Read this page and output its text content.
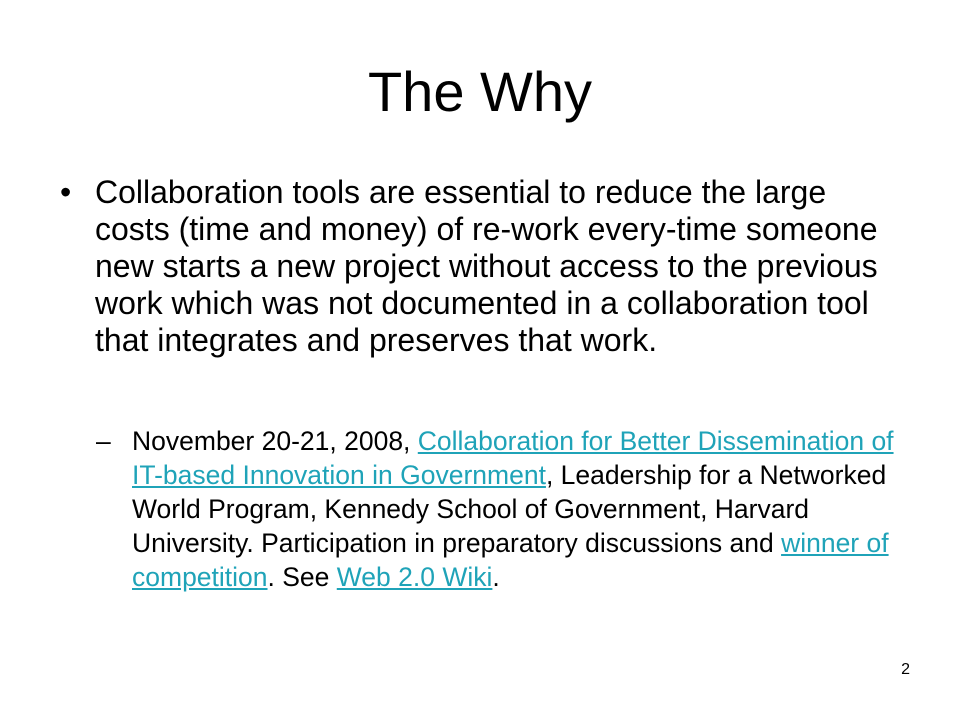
The Why
• Collaboration tools are essential to reduce the large costs (time and money) of re-work every-time someone new starts a new project without access to the previous work which was not documented in a collaboration tool that integrates and preserves that work.
– November 20-21, 2008, Collaboration for Better Dissemination of IT-based Innovation in Government, Leadership for a Networked World Program, Kennedy School of Government, Harvard University. Participation in preparatory discussions and winner of competition. See Web 2.0 Wiki.
2
